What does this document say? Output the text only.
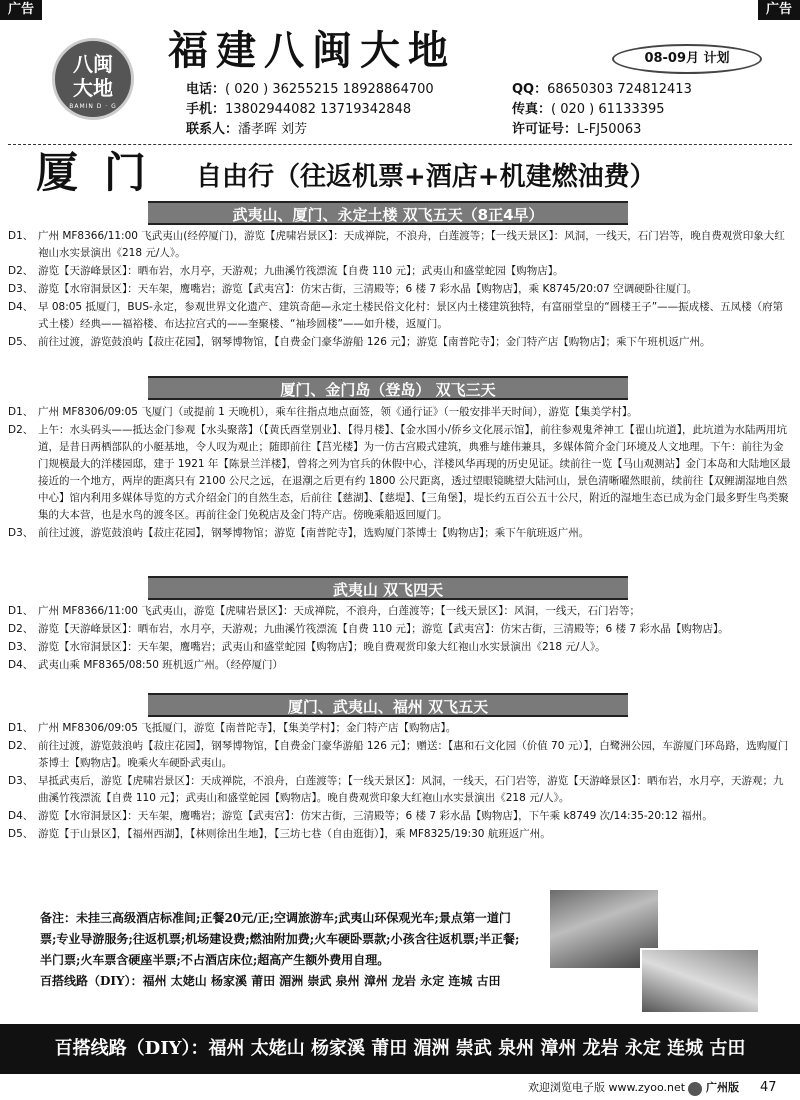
广告	广告
八闽
大地
BAMIN D · G
福建八闽大地	08-09月 计划
电话：( 020 ) 36255215 18928864700	QQ：68650303 724812413
手机：13802944082 13719342848	传真：( 020 ) 61133395
联系人：潘孝晖 刘芳	许可证号：L-FJ50063
厦门 自由行（往返机票+酒店+机建燃油费）
武夷山、厦门、永定土楼 双飞五天（8正4早）
D1、 广州 MF8366/11:00 飞武夷山(经停厦门)，游览【虎啸岩景区】：天成禅院，不浪舟，白莲渡等；【一线天景区】：风洞，一线天，石门岩等，晚自费观赏印象大红袍山水实景演出《218 元/人》。
D2、 游览【天游峰景区】：晒布岩，水月亭，天游观；九曲溪竹筏漂流【自费 110 元】；武夷山和盛堂蛇园【购物店】。
D3、 游览【水帘洞景区】：天车架，鹰嘴岩；游览【武夷宫】：仿宋古街，三清殿等；6 楼 7 彩水晶【购物店】，乘 K8745/20:07 空调硬卧往厦门。
D4、 早 08:05 抵厦门，BUS-永定，参观世界文化遗产、建筑奇葩—永定土楼民俗文化村：景区内土楼建筑独特，有富丽堂皇的“圆楼王子”——振成楼、五凤楼（府第式土楼）经典——福裕楼、布达拉宫式的——奎聚楼、“袖珍圆楼”——如升楼，返厦门。
D5、 前往过渡，游览鼓浪屿【菽庄花园】，钢琴博物馆，【自费金门豪华游船 126 元】；游览【南普陀寺】；金门特产店【购物店】；乘下午班机返广州。
厦门、金门岛（登岛） 双飞三天
D1、 广州 MF8306/09:05 飞厦门（或提前 1 天晚机），乘车往指点地点面签，领《通行证》（一般安排半天时间），游览【集美学村】。
D2、 上午：水头码头——抵达金门参观【水头聚落】（【黄氏酉堂别业】、【得月楼】、【金水国小/侨乡文化展示馆】，前往参观鬼斧神工【翟山坑道】，此坑道为水陆两用坑道，是昔日两栖部队的小艇基地，令人叹为观止；随即前往【莒光楼】为一仿古宫殿式建筑，典雅与雄伟兼具，多媒体简介金门环境及人文地理。下午：前往为金门规模最大的洋楼园邸，建于 1921 年【陈景兰洋楼】，曾将之列为官兵的休假中心，洋楼风华再现的历史见证。续前往一览【马山观测站】金门本岛和大陆地区最接近的一个地方，两岸的距离只有 2100 公尺之远，在退潮之后更有约 1800 公尺距离，透过望眼镜眺望大陆河山，景色清晰曜然眼前，续前往【双鲤湖湿地自然中心】馆内利用多媒体导览的方式介绍金门的自然生态，后前往【慈湖】、【慈堤】、【三角堡】，堤长约五百公五十公尺，附近的湿地生态已成为金门最多野生鸟类聚集的大本营，也是水鸟的渡冬区。再前往金门免税店及金门特产店。傍晚乘船返回厦门。
D3、 前往过渡，游览鼓浪屿【菽庄花园】，钢琴博物馆；游览【南普陀寺】，选购厦门茶博士【购物店】；乘下午航班返广州。
武夷山 双飞四天
D1、 广州 MF8366/11:00 飞武夷山，游览【虎啸岩景区】：天成禅院，不浪舟，白莲渡等；【一线天景区】：风洞，一线天，石门岩等；
D2、 游览【天游峰景区】：晒布岩，水月亭，天游观；九曲溪竹筏漂流【自费 110 元】；游览【武夷宫】：仿宋古街，三清殿等；6 楼 7 彩水晶【购物店】。
D3、 游览【水帘洞景区】：天车架，鹰嘴岩；武夷山和盛堂蛇园【购物店】；晚自费观赏印象大红袍山水实景演出《218 元/人》。
D4、 武夷山乘 MF8365/08:50 班机返广州。（经停厦门）
厦门、武夷山、福州 双飞五天
D1、 广州 MF8306/09:05 飞抵厦门，游览【南普陀寺】，【集美学村】；金门特产店【购物店】。
D2、 前往过渡，游览鼓浪屿【菽庄花园】，钢琴博物馆，【自费金门豪华游船 126 元】；赠送：【惠和石文化园（价值 70 元）】，白鹭洲公园，车游厦门环岛路，选购厦门茶博士【购物店】。晚乘火车硬卧武夷山。
D3、 早抵武夷后，游览【虎啸岩景区】：天成禅院，不浪舟，白莲渡等；【一线天景区】：风洞，一线天，石门岩等，游览【天游峰景区】：晒布岩，水月亭，天游观；九曲溪竹筏漂流【自费 110 元】；武夷山和盛堂蛇园【购物店】。晚自费观赏印象大红袍山水实景演出《218 元/人》。
D4、 游览【水帘洞景区】：天车架，鹰嘴岩；游览【武夷宫】：仿宋古街，三清殿等；6 楼 7 彩水晶【购物店】，下午乘 k8749 次/14:35-20:12 福州。
D5、 游览【于山景区】，【福州西湖】，【林则徐出生地】，【三坊七巷（自由逛街）】，乘 MF8325/19:30 航班返广州。
备注：未挂三高级酒店标准间;正餐20元/正;空调旅游车;武夷山环保观光车;景点第一道门票;专业导游服务;往返机票;机场建设费;燃油附加费;火车硬卧票款;小孩含往返机票;半正餐;半门票;火车票含硬座半票;不占酒店床位;超高产生额外费用自理。
百搭线路（DIY）：福州 太姥山 杨家溪 莆田 湄洲 崇武 泉州 漳州 龙岩 永定 连城 古田
百搭线路（DIY）：福州 太姥山 杨家溪 莆田 湄洲 崇武 泉州 漳州 龙岩 永定 连城 古田
欢迎浏览电子版 www.zyoo.net 广州版 47
